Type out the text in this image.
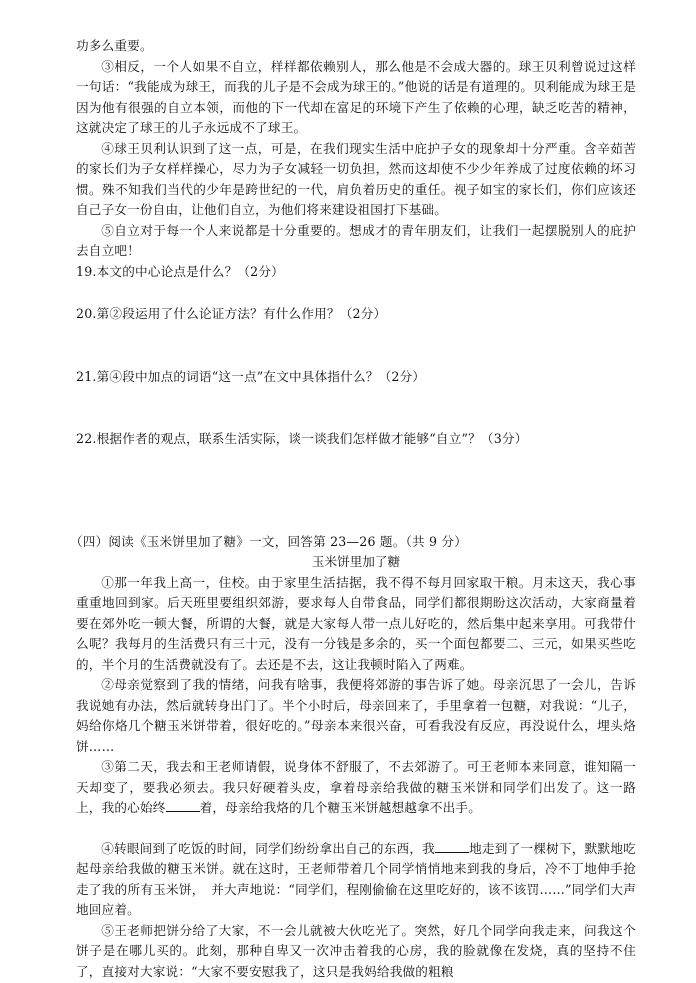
功多么重要。

③相反，一个人如果不自立，样样都依赖别人，那么他是不会成大器的。球王贝利曾说过这样一句话：“我能成为球王，而我的儿子是不会成为球王的。”他说的话是有道理的。贝利能成为球王是因为他有很强的自立本领，而他的下一代却在富足的环境下产生了依赖的心理，缺乏吃苦的精神，这就决定了球王的儿子永远成不了球王。

④球王贝利认识到了这一点，可是，在我们现实生活中庇护子女的现象却十分严重。含辛茹苦的家长们为子女样样操心，尽力为子女减轻一切负担，然而这却使不少少年养成了过度依赖的坏习惯。殊不知我们当代的少年是跨世纪的一代，肩负着历史的重任。视子如宝的家长们，你们应该还自己子女一份自由，让他们自立，为他们将来建设祖国打下基础。

⑤自立对于每一个人来说都是十分重要的。想成才的青年朋友们，让我们一起摆脱别人的庇护去自立吧！

19.本文的中心论点是什么？（2分）

20.第②段运用了什么论证方法？有什么作用？（2分）

21.第④段中加点的词语“这一点”在文中具体指什么？（2分）

22.根据作者的观点，联系生活实际，谈一谈我们怎样做才能够“自立”？（3分）

（四）阅读《玉米饼里加了糖》一文，回答第 23—26 题。（共 9 分）

玉米饼里加了糖

①那一年我上高一，住校。由于家里生活拮据，我不得不每月回家取干粮。月末这天，我心事重重地回到家。后天班里要组织郊游，要求每人自带食品，同学们都很期盼这次活动，大家商量着要在郊外吃一顿大餐，所谓的大餐，就是大家每人带一点儿好吃的，然后集中起来享用。可我带什么呢？我每月的生活费只有三十元，没有一分钱是多余的，买一个面包都要二、三元，如果买些吃的，半个月的生活费就没有了。去还是不去，这让我顿时陷入了两难。

②母亲觉察到了我的情绪，问我有啥事，我便将郊游的事告诉了她。母亲沉思了一会儿，告诉我说她有办法，然后就转身出门了。半个小时后，母亲回来了，手里拿着一包糖，对我说：“儿子，妈给你烙几个糖玉米饼带着，很好吃的。”母亲本来很兴奋，可看我没有反应，再没说什么，埋头烙饼……

③第二天，我去和王老师请假，说身体不舒服了，不去郊游了。可王老师本来同意，谁知隔一天却变了，要我必须去。我只好硬着头皮，拿着母亲给我做的糖玉米饼和同学们出发了。这一路上，我的心始终	着，母亲给我烙的几个糖玉米饼越想越拿不出手。

④转眼间到了吃饭的时间，同学们纷纷拿出自己的东西，我	地走到了一棵树下，默默地吃起母亲给我做的糖玉米饼。就在这时，王老师带着几个同学悄悄地来到我的身后，冷不丁地伸手抢走了我的所有玉米饼，　并大声地说：“同学们，程刚偷偷在这里吃好的，该不该罚……”同学们大声地回应着。

⑤王老师把饼分给了大家，不一会儿就被大伙吃光了。突然，好几个同学向我走来，问我这个饼子是在哪儿买的。此刻，那种自卑又一次冲击着我的心房，我的脸就像在发烧，真的坚持不住了，直接对大家说：“大家不要安慰我了，这只是我妈给我做的粗粮
